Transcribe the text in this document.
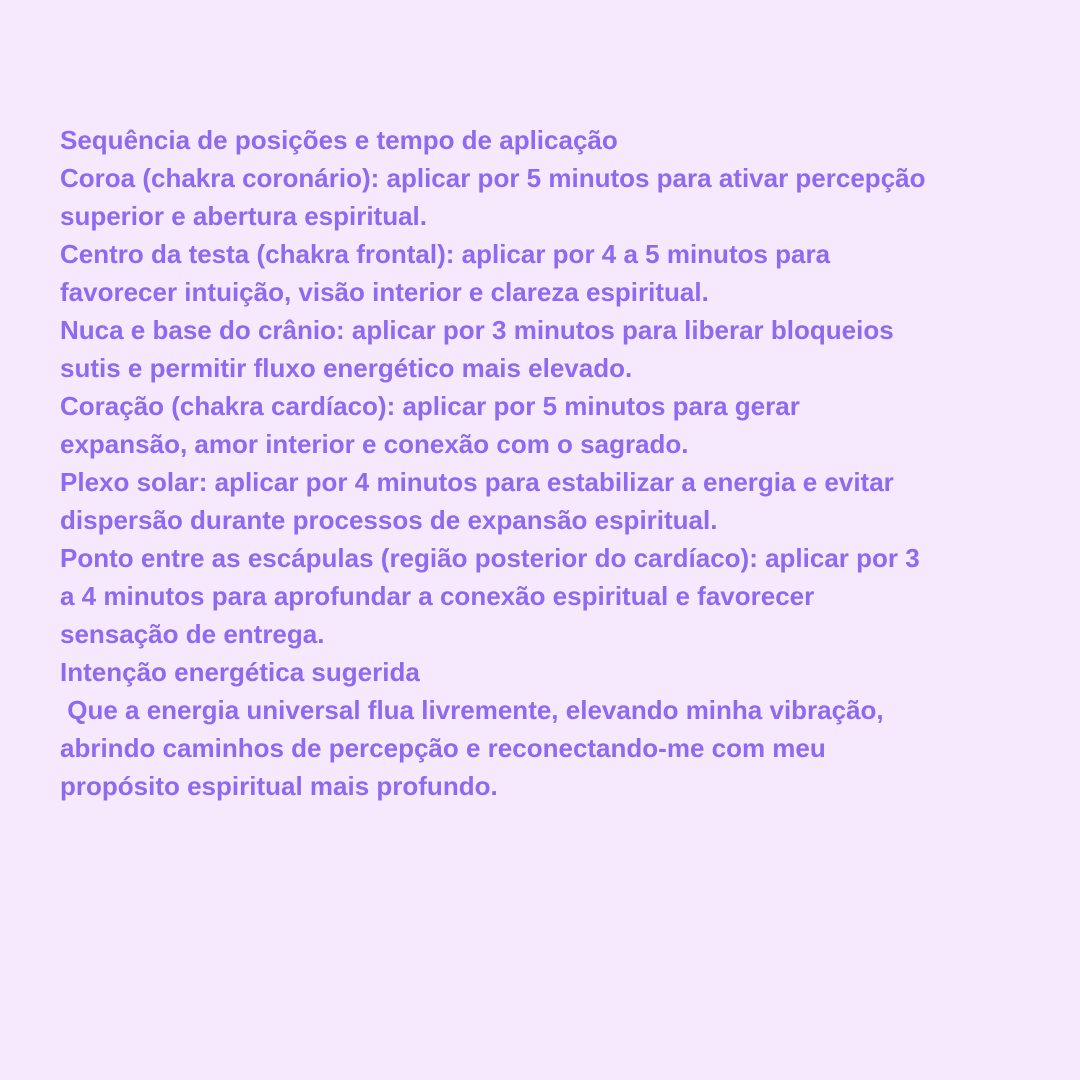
Sequência de posições e tempo de aplicação
Coroa (chakra coronário): aplicar por 5 minutos para ativar percepção
superior e abertura espiritual.
Centro da testa (chakra frontal): aplicar por 4 a 5 minutos para
favorecer intuição, visão interior e clareza espiritual.
Nuca e base do crânio: aplicar por 3 minutos para liberar bloqueios
sutis e permitir fluxo energético mais elevado.
Coração (chakra cardíaco): aplicar por 5 minutos para gerar
expansão, amor interior e conexão com o sagrado.
Plexo solar: aplicar por 4 minutos para estabilizar a energia e evitar
dispersão durante processos de expansão espiritual.
Ponto entre as escápulas (região posterior do cardíaco): aplicar por 3
a 4 minutos para aprofundar a conexão espiritual e favorecer
sensação de entrega.
Intenção energética sugerida
Que a energia universal flua livremente, elevando minha vibração,
abrindo caminhos de percepção e reconectando-me com meu
propósito espiritual mais profundo.
